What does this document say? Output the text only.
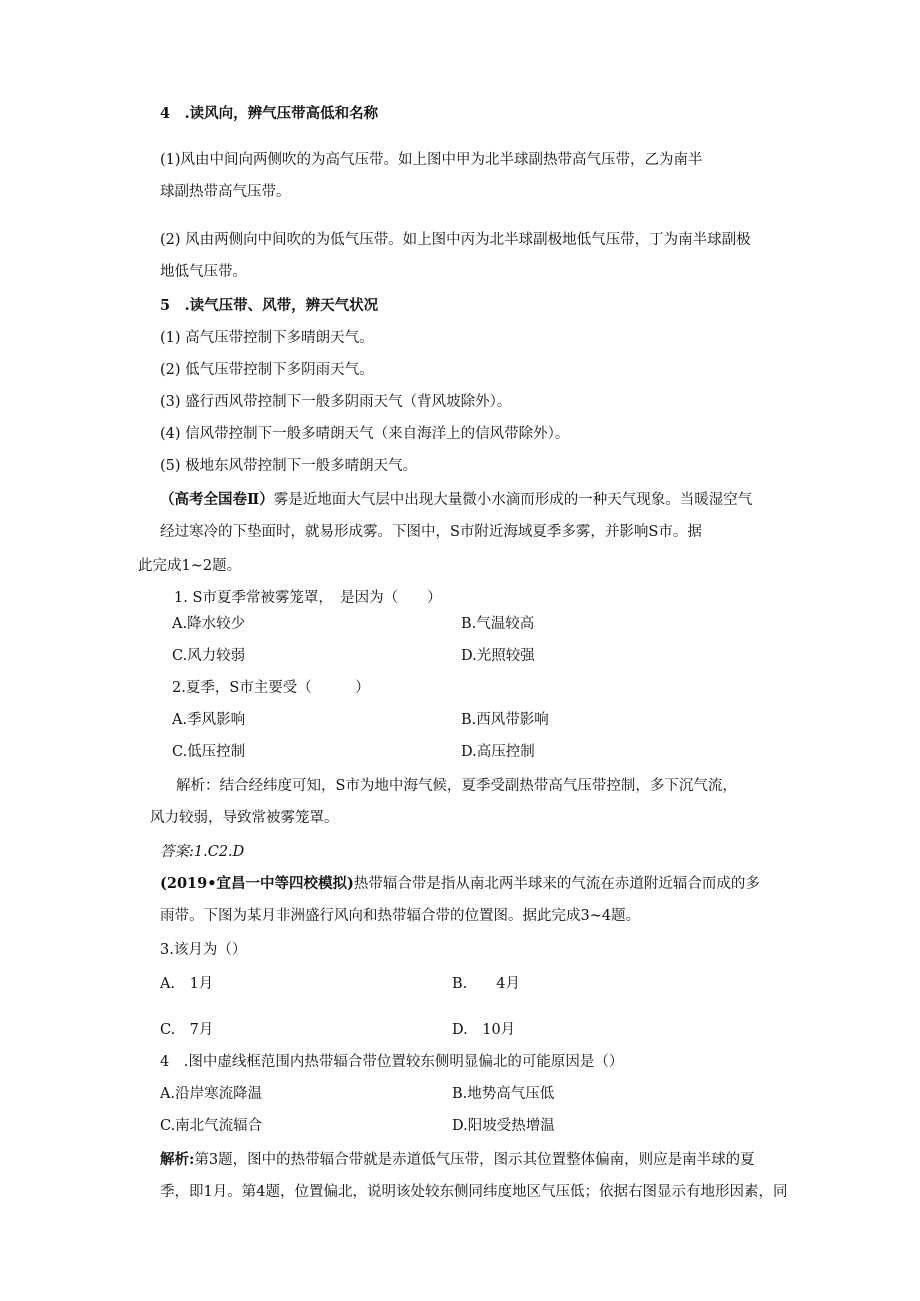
4　.读风向，辨气压带高低和名称
(1)风由中间向两侧吹的为高气压带。如上图中甲为北半球副热带高气压带，乙为南半
球副热带高气压带。
(2) 风由两侧向中间吹的为低气压带。如上图中丙为北半球副极地低气压带，丁为南半球副极
地低气压带。
5　.读气压带、风带，辨天气状况
(1) 高气压带控制下多晴朗天气。
(2) 低气压带控制下多阴雨天气。
(3) 盛行西风带控制下一般多阴雨天气（背风坡除外）。
(4) 信风带控制下一般多晴朗天气（来自海洋上的信风带除外）。
(5) 极地东风带控制下一般多晴朗天气。
（高考全国卷Ⅱ）雾是近地面大气层中出现大量微小水滴而形成的一种天气现象。当暖湿空气
经过寒冷的下垫面时，就易形成雾。下图中，S市附近海域夏季多雾，并影响S市。据
此完成1~2题。
1. S市夏季常被雾笼罩，　是因为（　　）
A.降水较少	B.气温较高
C.风力较弱	D.光照较强
2.夏季，S市主要受（　　　）
A.季风影响	B.西风带影响
C.低压控制	D.高压控制
解析：结合经纬度可知，S市为地中海气候，夏季受副热带高气压带控制，多下沉气流，
风力较弱，导致常被雾笼罩。
答案:1.C2.D
(2019•宜昌一中等四校模拟)热带辐合带是指从南北两半球来的气流在赤道附近辐合而成的多
雨带。下图为某月非洲盛行风向和热带辐合带的位置图。据此完成3~4题。
3.该月为（）
A.　1月	B.　　4月
C.　7月	D.　10月
4　.图中虚线框范围内热带辐合带位置较东侧明显偏北的可能原因是（）
A.沿岸寒流降温	B.地势高气压低
C.南北气流辐合	D.阳坡受热增温
解析:第3题，图中的热带辐合带就是赤道低气压带，图示其位置整体偏南，则应是南半球的夏
季，即1月。第4题，位置偏北，说明该处较东侧同纬度地区气压低；依据右图显示有地形因素，同
